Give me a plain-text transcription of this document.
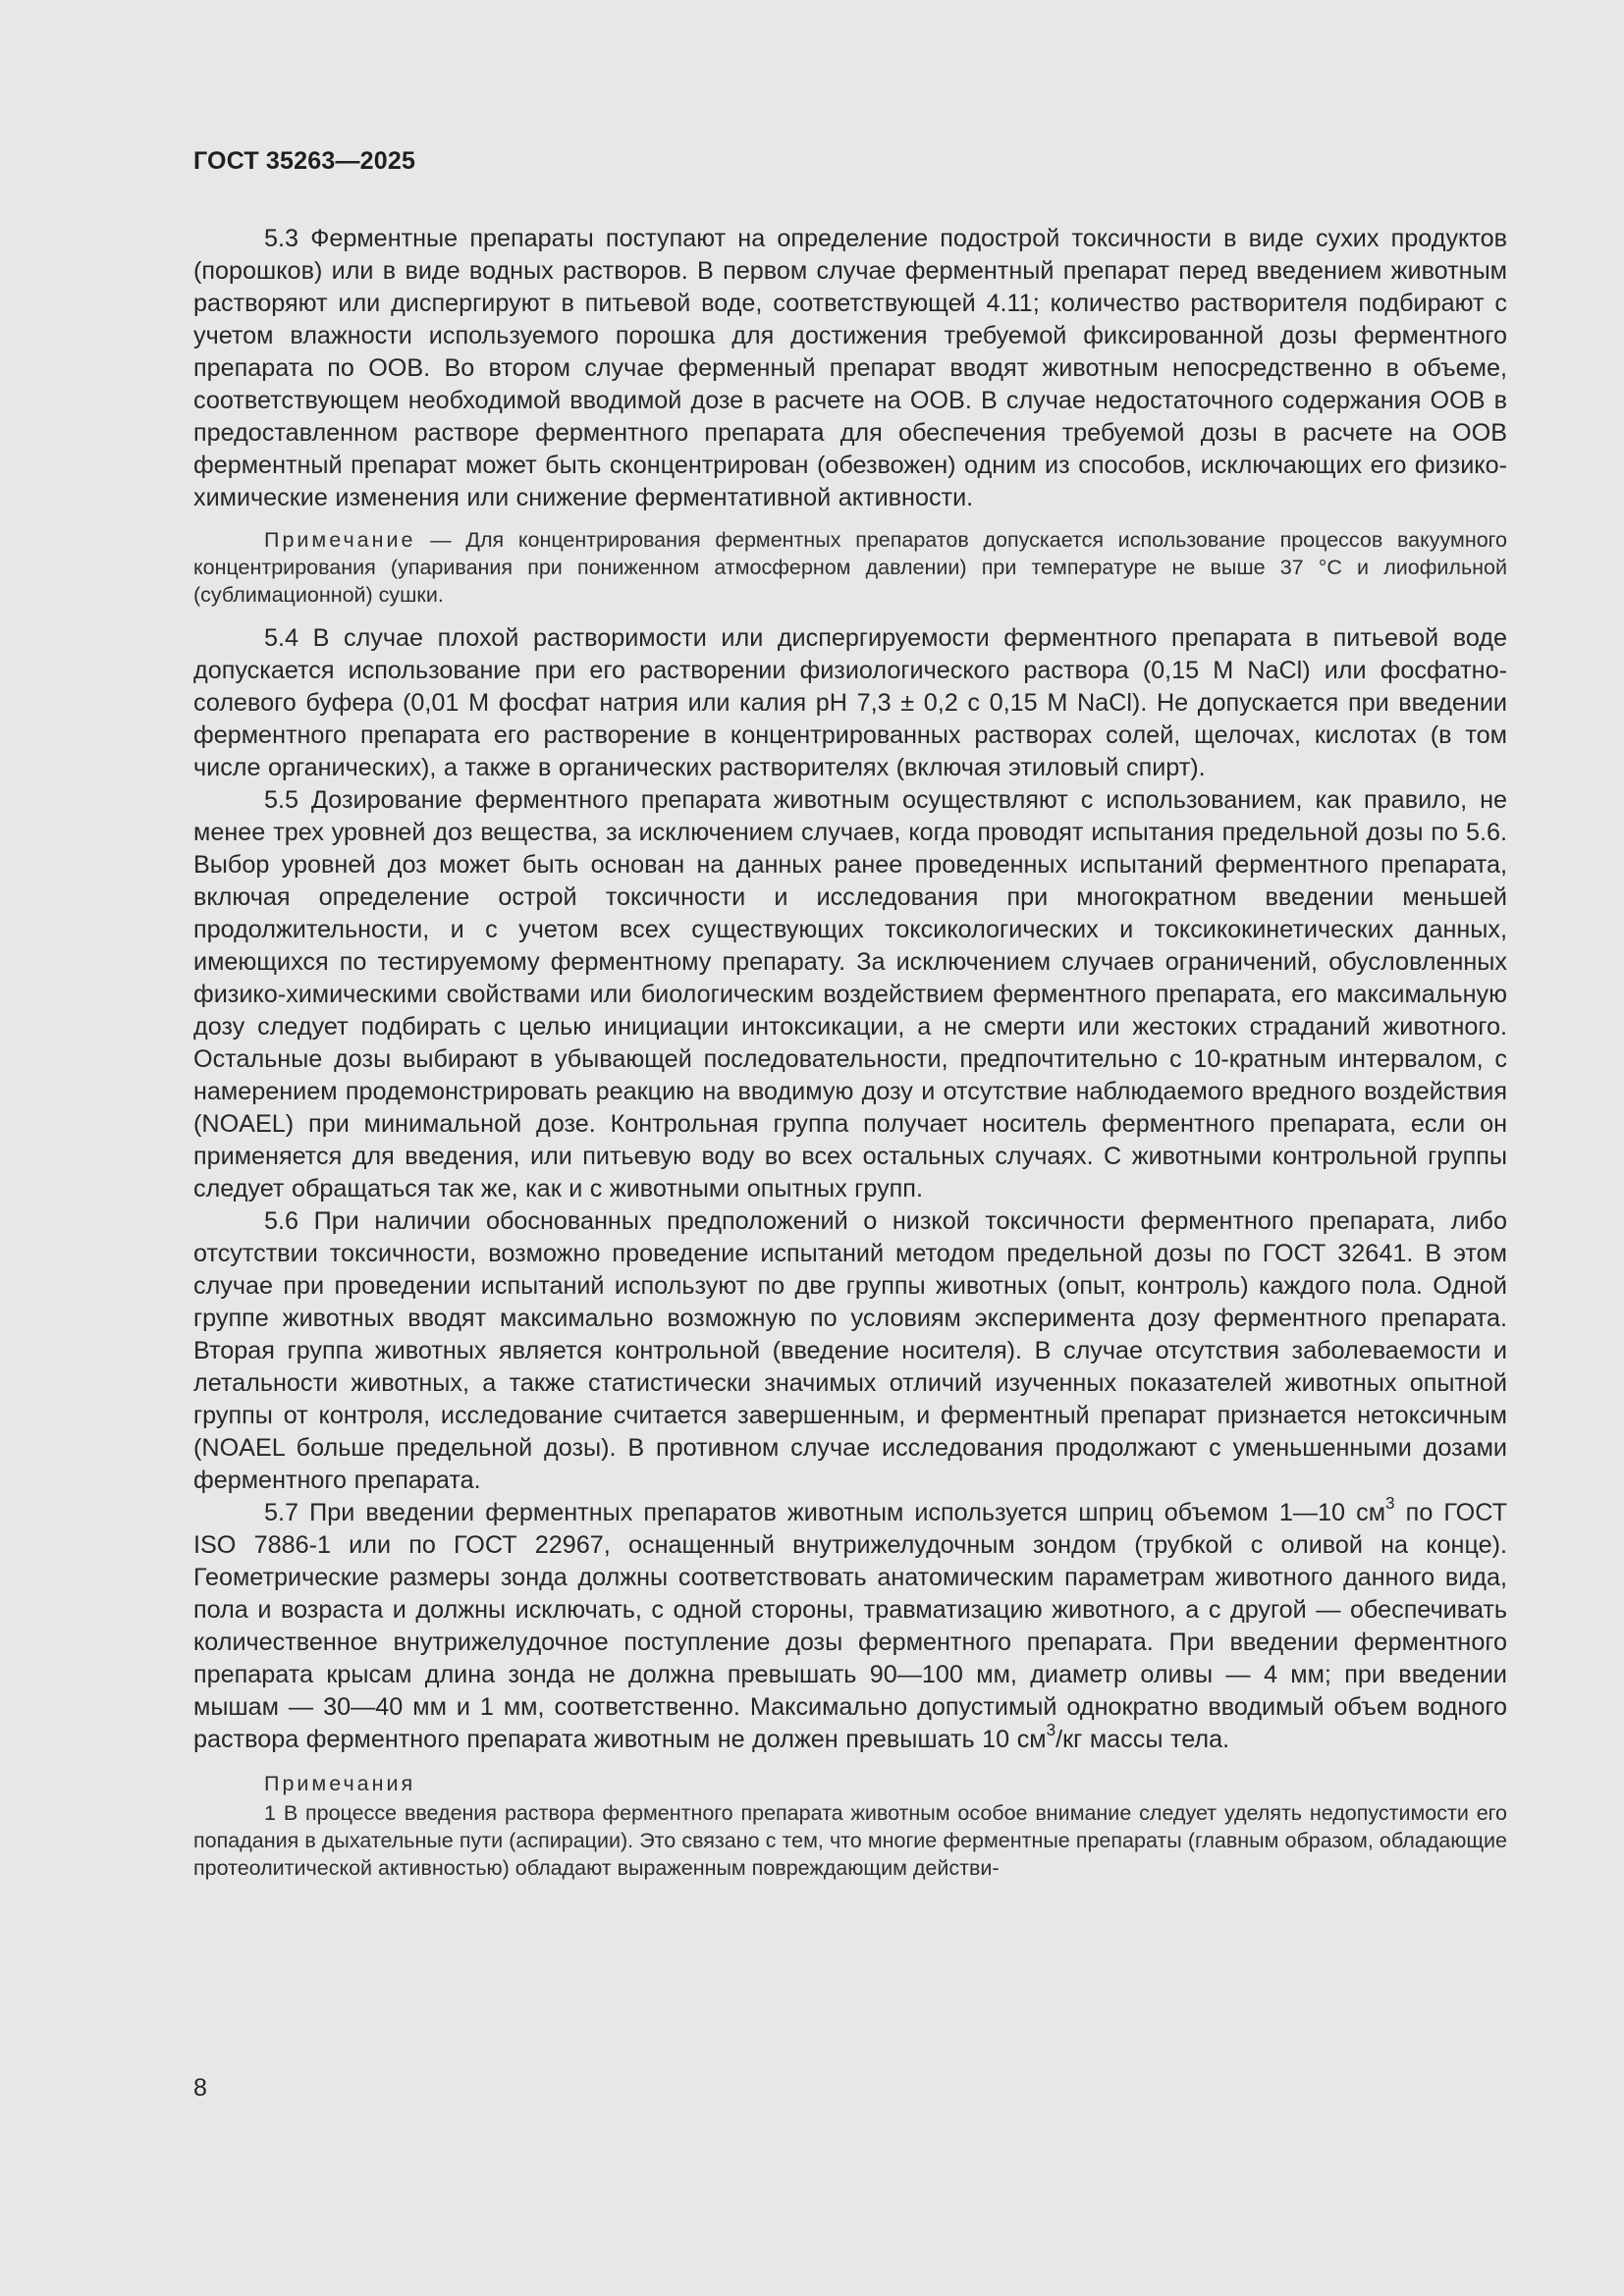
ГОСТ 35263—2025

5.3 Ферментные препараты поступают на определение подострой токсичности в виде сухих продуктов (порошков) или в виде водных растворов. В первом случае ферментный препарат перед введением животным растворяют или диспергируют в питьевой воде, соответствующей 4.11; количество растворителя подбирают с учетом влажности используемого порошка для достижения требуемой фиксированной дозы ферментного препарата по ООВ. Во втором случае ферменный препарат вводят животным непосредственно в объеме, соответствующем необходимой вводимой дозе в расчете на ООВ. В случае недостаточного содержания ООВ в предоставленном растворе ферментного препарата для обеспечения требуемой дозы в расчете на ООВ ферментный препарат может быть сконцентрирован (обезвожен) одним из способов, исключающих его физико-химические изменения или снижение ферментативной активности.

Примечание — Для концентрирования ферментных препаратов допускается использование процессов вакуумного концентрирования (упаривания при пониженном атмосферном давлении) при температуре не выше 37 °С и лиофильной (сублимационной) сушки.

5.4 В случае плохой растворимости или диспергируемости ферментного препарата в питьевой воде допускается использование при его растворении физиологического раствора (0,15 М NaCl) или фосфатно-солевого буфера (0,01 М фосфат натрия или калия рН 7,3 ± 0,2 с 0,15 М NaCl). Не допускается при введении ферментного препарата его растворение в концентрированных растворах солей, щелочах, кислотах (в том числе органических), а также в органических растворителях (включая этиловый спирт).

5.5 Дозирование ферментного препарата животным осуществляют с использованием, как правило, не менее трех уровней доз вещества, за исключением случаев, когда проводят испытания предельной дозы по 5.6. Выбор уровней доз может быть основан на данных ранее проведенных испытаний ферментного препарата, включая определение острой токсичности и исследования при многократном введении меньшей продолжительности, и с учетом всех существующих токсикологических и токсикокинетических данных, имеющихся по тестируемому ферментному препарату. За исключением случаев ограничений, обусловленных физико-химическими свойствами или биологическим воздействием ферментного препарата, его максимальную дозу следует подбирать с целью инициации интоксикации, а не смерти или жестоких страданий животного. Остальные дозы выбирают в убывающей последовательности, предпочтительно с 10-кратным интервалом, с намерением продемонстрировать реакцию на вводимую дозу и отсутствие наблюдаемого вредного воздействия (NOAEL) при минимальной дозе. Контрольная группа получает носитель ферментного препарата, если он применяется для введения, или питьевую воду во всех остальных случаях. С животными контрольной группы следует обращаться так же, как и с животными опытных групп.

5.6 При наличии обоснованных предположений о низкой токсичности ферментного препарата, либо отсутствии токсичности, возможно проведение испытаний методом предельной дозы по ГОСТ 32641. В этом случае при проведении испытаний используют по две группы животных (опыт, контроль) каждого пола. Одной группе животных вводят максимально возможную по условиям эксперимента дозу ферментного препарата. Вторая группа животных является контрольной (введение носителя). В случае отсутствия заболеваемости и летальности животных, а также статистически значимых отличий изученных показателей животных опытной группы от контроля, исследование считается завершенным, и ферментный препарат признается нетоксичным (NOAEL больше предельной дозы). В противном случае исследования продолжают с уменьшенными дозами ферментного препарата.

5.7 При введении ферментных препаратов животным используется шприц объемом 1—10 $см^3$ по ГОСТ ISO 7886-1 или по ГОСТ 22967, оснащенный внутрижелудочным зондом (трубкой с оливой на конце). Геометрические размеры зонда должны соответствовать анатомическим параметрам животного данного вида, пола и возраста и должны исключать, с одной стороны, травматизацию животного, а с другой — обеспечивать количественное внутрижелудочное поступление дозы ферментного препарата. При введении ферментного препарата крысам длина зонда не должна превышать 90—100 мм, диаметр оливы — 4 мм; при введении мышам — 30—40 мм и 1 мм, соответственно. Максимально допустимый однократно вводимый объем водного раствора ферментного препарата животным не должен превышать 10 $см^3/кг$ массы тела.

Примечания

1 В процессе введения раствора ферментного препарата животным особое внимание следует уделять недопустимости его попадания в дыхательные пути (аспирации). Это связано с тем, что многие ферментные препараты (главным образом, обладающие протеолитической активностью) обладают выраженным повреждающим действи-

8
